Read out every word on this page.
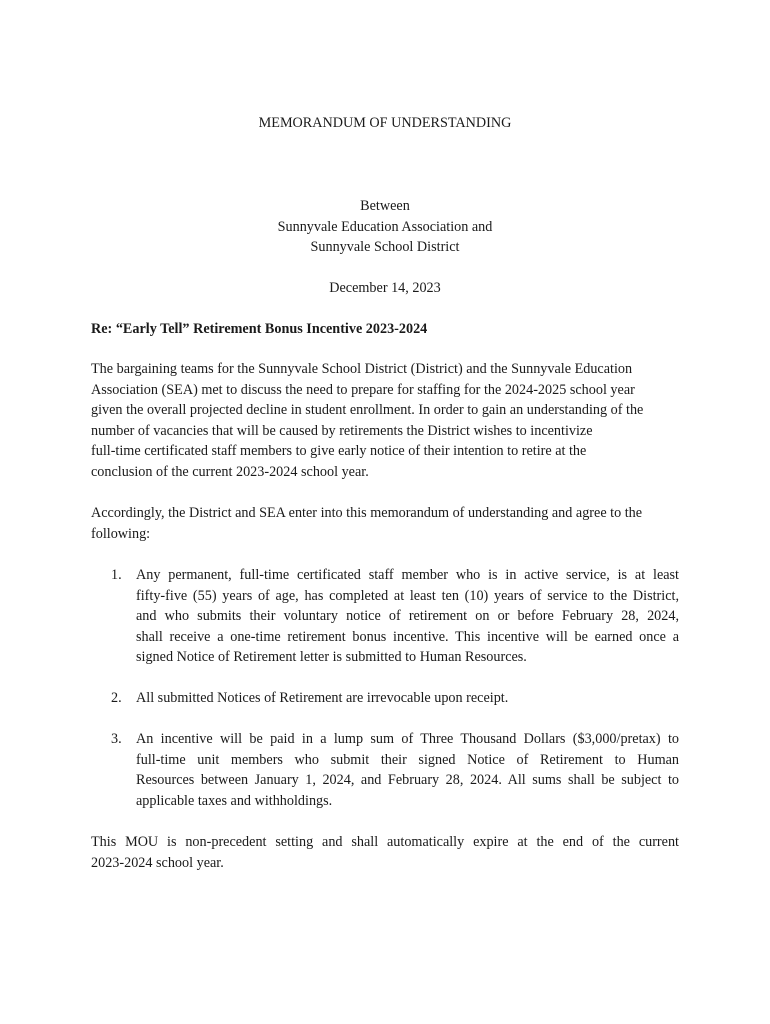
MEMORANDUM OF UNDERSTANDING
Between
Sunnyvale Education Association and
Sunnyvale School District
December 14, 2023
Re: “Early Tell” Retirement Bonus Incentive 2023-2024
The bargaining teams for the Sunnyvale School District (District) and the Sunnyvale Education
Association (SEA) met to discuss the need to prepare for staffing for the 2024-2025 school year
given the overall projected decline in student enrollment. In order to gain an understanding of the
number of vacancies that will be caused by retirements the District wishes to incentivize
full-time certificated staff members to give early notice of their intention to retire at the
conclusion of the current 2023-2024 school year.
Accordingly, the District and SEA enter into this memorandum of understanding and agree to the
following:
1.	Any permanent, full-time certificated staff member who is in active service, is at least
fifty-five (55) years of age, has completed at least ten (10) years of service to the District,
and who submits their voluntary notice of retirement on or before February 28, 2024,
shall receive a one-time retirement bonus incentive. This incentive will be earned once a
signed Notice of Retirement letter is submitted to Human Resources.
2.	All submitted Notices of Retirement are irrevocable upon receipt.
3.	An incentive will be paid in a lump sum of Three Thousand Dollars ($3,000/pretax) to
full-time unit members who submit their signed Notice of Retirement to Human
Resources between January 1, 2024, and February 28, 2024. All sums shall be subject to
applicable taxes and withholdings.
This MOU is non-precedent setting and shall automatically expire at the end of the current
2023-2024 school year.
